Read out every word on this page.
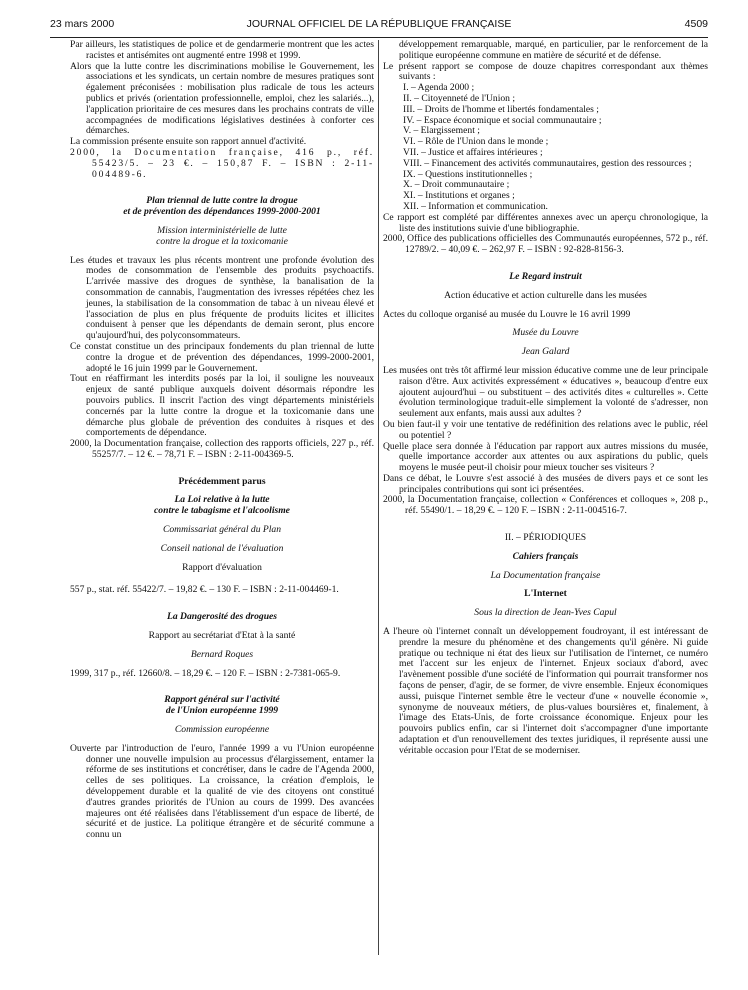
23 mars 2000	JOURNAL OFFICIEL DE LA RÉPUBLIQUE FRANÇAISE	4509

Par ailleurs, les statistiques de police et de gendarmerie montrent que les actes racistes et antisémites ont augmenté entre 1998 et 1999.

Alors que la lutte contre les discriminations mobilise le Gouvernement, les associations et les syndicats, un certain nombre de mesures pratiques sont également préconisées : mobilisation plus radicale de tous les acteurs publics et privés (orientation professionnelle, emploi, chez les salariés...), l'application prioritaire de ces mesures dans les prochains contrats de ville accompagnées de modifications législatives destinées à conforter ces démarches.

La commission présente ensuite son rapport annuel d'activité.

2000, la Documentation française, 416 p., réf. 55423/5. – 23 €. – 150,87 F. – ISBN : 2-11-004489-6.

Plan triennal de lutte contre la drogue

et de prévention des dépendances 1999-2000-2001

Mission interministérielle de lutte

contre la drogue et la toxicomanie

Les études et travaux les plus récents montrent une profonde évolution des modes de consommation de l'ensemble des produits psychoactifs. L'arrivée massive des drogues de synthèse, la banalisation de la consommation de cannabis, l'augmentation des ivresses répétées chez les jeunes, la stabilisation de la consommation de tabac à un niveau élevé et l'association de plus en plus fréquente de produits licites et illicites conduisent à penser que les dépendants de demain seront, plus encore qu'aujourd'hui, des polyconsommateurs.

Ce constat constitue un des principaux fondements du plan triennal de lutte contre la drogue et de prévention des dépendances, 1999-2000-2001, adopté le 16 juin 1999 par le Gouvernement.

Tout en réaffirmant les interdits posés par la loi, il souligne les nouveaux enjeux de santé publique auxquels doivent désormais répondre les pouvoirs publics. Il inscrit l'action des vingt départements ministériels concernés par la lutte contre la drogue et la toxicomanie dans une démarche plus globale de prévention des conduites à risques et des comportements de dépendance.

2000, la Documentation française, collection des rapports officiels, 227 p., réf. 55257/7. – 12 €. – 78,71 F. – ISBN : 2-11-004369-5.

Précédemment parus

La Loi relative à la lutte

contre le tabagisme et l'alcoolisme

Commissariat général du Plan

Conseil national de l'évaluation

Rapport d'évaluation

557 p., stat. réf. 55422/7. – 19,82 €. – 130 F. – ISBN : 2-11-004469-1.

La Dangerosité des drogues

Rapport au secrétariat d'Etat à la santé

Bernard Roques

1999, 317 p., réf. 12660/8. – 18,29 €. – 120 F. – ISBN : 2-7381-065-9.

Rapport général sur l'activité

de l'Union européenne 1999

Commission européenne

Ouverte par l'introduction de l'euro, l'année 1999 a vu l'Union européenne donner une nouvelle impulsion au processus d'élargissement, entamer la réforme de ses institutions et concrétiser, dans le cadre de l'Agenda 2000, celles de ses politiques. La croissance, la création d'emplois, le développement durable et la qualité de vie des citoyens ont constitué d'autres grandes priorités de l'Union au cours de 1999. Des avancées majeures ont été réalisées dans l'établissement d'un espace de liberté, de sécurité et de justice. La politique étrangère et de sécurité commune a connu un

développement remarquable, marqué, en particulier, par le renforcement de la politique européenne commune en matière de sécurité et de défense.

Le présent rapport se compose de douze chapitres correspondant aux thèmes suivants :

I. – Agenda 2000 ;
II. – Citoyenneté de l'Union ;
III. – Droits de l'homme et libertés fondamentales ;
IV. – Espace économique et social communautaire ;
V. – Elargissement ;
VI. – Rôle de l'Union dans le monde ;
VII. – Justice et affaires intérieures ;
VIII. – Financement des activités communautaires, gestion des ressources ;
IX. – Questions institutionnelles ;
X. – Droit communautaire ;
XI. – Institutions et organes ;
XII. – Information et communication.

Ce rapport est complété par différentes annexes avec un aperçu chronologique, la liste des institutions suivie d'une bibliographie.

2000, Office des publications officielles des Communautés européennes, 572 p., réf. 12789/2. – 40,09 €. – 262,97 F. – ISBN : 92-828-8156-3.

Le Regard instruit

Action éducative et action culturelle dans les musées

Actes du colloque organisé au musée du Louvre le 16 avril 1999

Musée du Louvre

Jean Galard

Les musées ont très tôt affirmé leur mission éducative comme une de leur principale raison d'être. Aux activités expressément « éducatives », beaucoup d'entre eux ajoutent aujourd'hui – ou substituent – des activités dites « culturelles ». Cette évolution terminologique traduit-elle simplement la volonté de s'adresser, non seulement aux enfants, mais aussi aux adultes ?

Ou bien faut-il y voir une tentative de redéfinition des relations avec le public, réel ou potentiel ?

Quelle place sera donnée à l'éducation par rapport aux autres missions du musée, quelle importance accorder aux attentes ou aux aspirations du public, quels moyens le musée peut-il choisir pour mieux toucher ses visiteurs ?

Dans ce débat, le Louvre s'est associé à des musées de divers pays et ce sont les principales contributions qui sont ici présentées.

2000, la Documentation française, collection « Conférences et colloques », 208 p., réf. 55490/1. – 18,29 €. – 120 F. – ISBN : 2-11-004516-7.

II. – PÉRIODIQUES

Cahiers français

La Documentation française

L'Internet

Sous la direction de Jean-Yves Capul

A l'heure où l'internet connaît un développement foudroyant, il est intéressant de prendre la mesure du phénomène et des changements qu'il génère. Ni guide pratique ou technique ni état des lieux sur l'utilisation de l'internet, ce numéro met l'accent sur les enjeux de l'internet. Enjeux sociaux d'abord, avec l'avènement possible d'une société de l'information qui pourrait transformer nos façons de penser, d'agir, de se former, de vivre ensemble. Enjeux économiques aussi, puisque l'internet semble être le vecteur d'une « nouvelle économie », synonyme de nouveaux métiers, de plus-values boursières et, finalement, à l'image des Etats-Unis, de forte croissance économique. Enjeux pour les pouvoirs publics enfin, car si l'internet doit s'accompagner d'une importante adaptation et d'un renouvellement des textes juridiques, il représente aussi une véritable occasion pour l'Etat de se moderniser.
